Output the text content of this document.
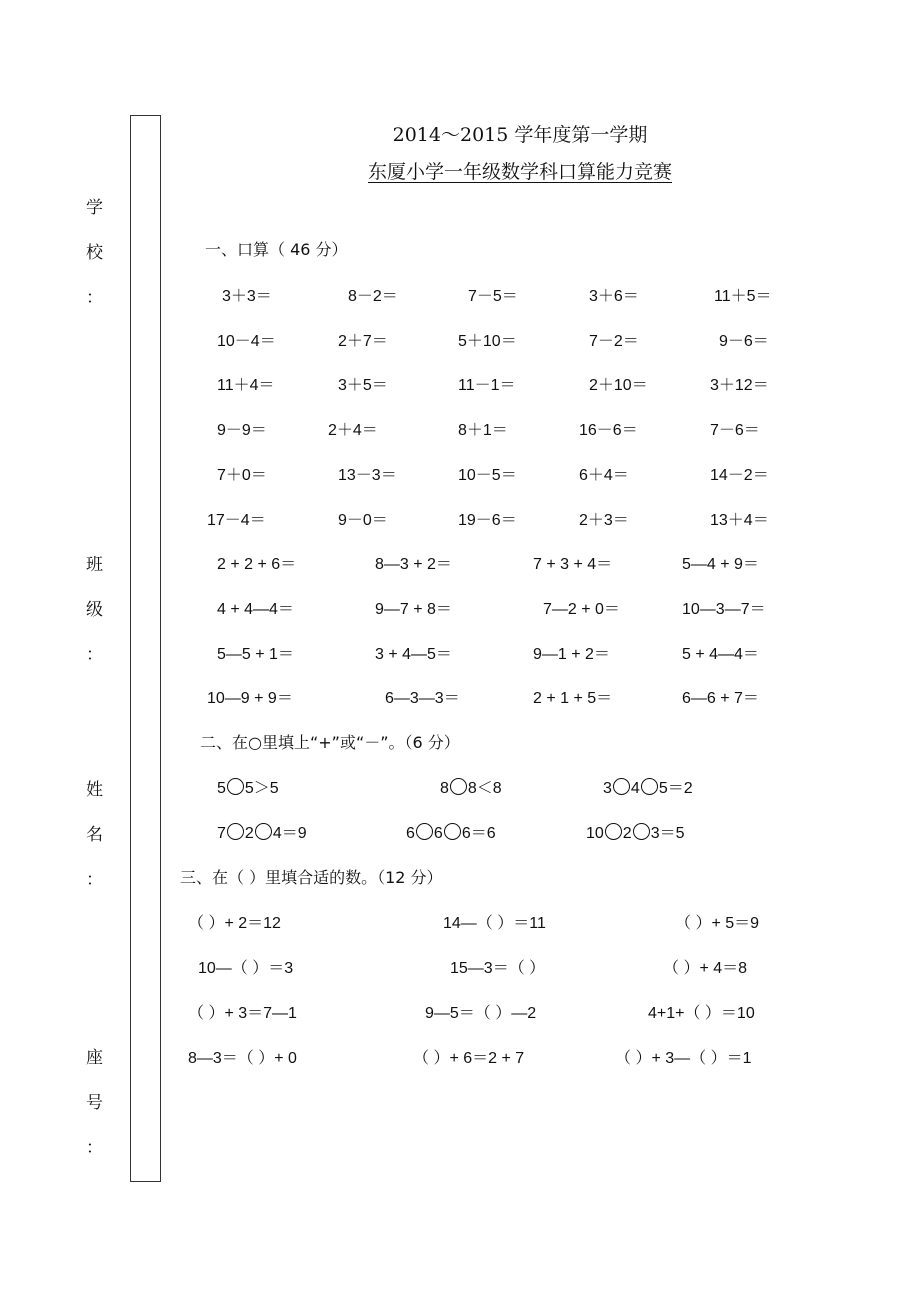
学
校
：
班
级
：
姓
名
：
座
号
：
2014～2015 学年度第一学期
东厦小学一年级数学科口算能力竞赛
一、口算（ 46 分）
3＋3＝	8－2＝	7－5＝	3＋6＝	11＋5＝
10－4＝	2＋7＝	5＋10＝	7－2＝	9－6＝
11＋4＝	3＋5＝	11－1＝	2＋10＝	3＋12＝
9－9＝	2＋4＝	8＋1＝	16－6＝	7－6＝
7＋0＝	13－3＝	10－5＝	6＋4＝	14－2＝
17－4＝	9－0＝	19－6＝	2＋3＝	13＋4＝
2 + 2 + 6＝	8—3 + 2＝	7 + 3 + 4＝	5—4 + 9＝
4 + 4—4＝	9—7 + 8＝	7—2 + 0＝	10—3—7＝
5—5 + 1＝	3 + 4—5＝	9—1 + 2＝	5 + 4—4＝
10—9 + 9＝	6—3—3＝	2 + 1 + 5＝	6—6 + 7＝
二、在○里填上“+”或“－”。（6 分）
5 5＞5	8 8＜8	3 4 5＝2
7 2 4＝9	6 6 6＝6	10 2 3＝5
三、在（ ）里填合适的数。（12 分）
（ ）+ 2＝12	14—（ ）＝11	（ ）+ 5＝9
10—（ ）＝3	15—3＝（ ）	（ ）+ 4＝8
（ ）+ 3＝7—1	9—5＝（ ）—2	4+1+（ ）＝10
8—3＝（ ）+ 0	（ ）+ 6＝2 + 7	（ ）+ 3—（ ）＝1
